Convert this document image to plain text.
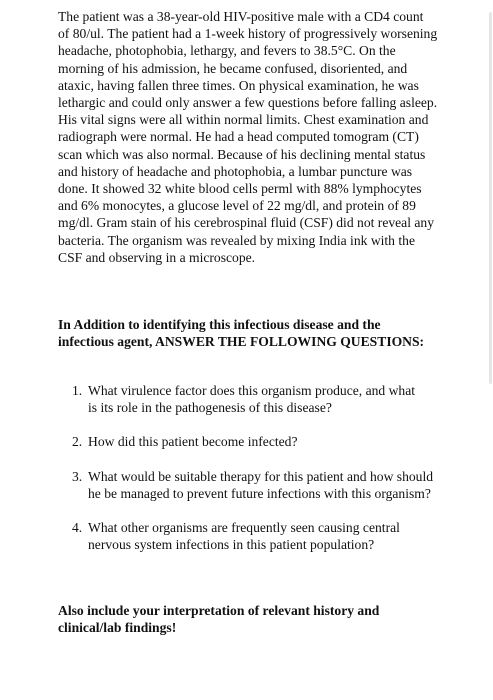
The patient was a 38-year-old HIV-positive male with a CD4 count of 80/ul. The patient had a 1-week history of progressively worsening headache, photophobia, lethargy, and fevers to 38.5°C. On the morning of his admission, he became confused, disoriented, and ataxic, having fallen three times. On physical examination, he was lethargic and could only answer a few questions before falling asleep. His vital signs were all within normal limits. Chest examination and radiograph were normal. He had a head computed tomogram (CT) scan which was also normal. Because of his declining mental status and history of headache and photophobia, a lumbar puncture was done. It showed 32 white blood cells perml with 88% lymphocytes and 6% monocytes, a glucose level of 22 mg/dl, and protein of 89 mg/dl. Gram stain of his cerebrospinal fluid (CSF) did not reveal any bacteria. The organism was revealed by mixing India ink with the CSF and observing in a microscope.

In Addition to identifying this infectious disease and the infectious agent, ANSWER THE FOLLOWING QUESTIONS:

1. What virulence factor does this organism produce, and what is its role in the pathogenesis of this disease?
2. How did this patient become infected?
3. What would be suitable therapy for this patient and how should he be managed to prevent future infections with this organism?
4. What other organisms are frequently seen causing central nervous system infections in this patient population?

Also include your interpretation of relevant history and clinical/lab findings!
